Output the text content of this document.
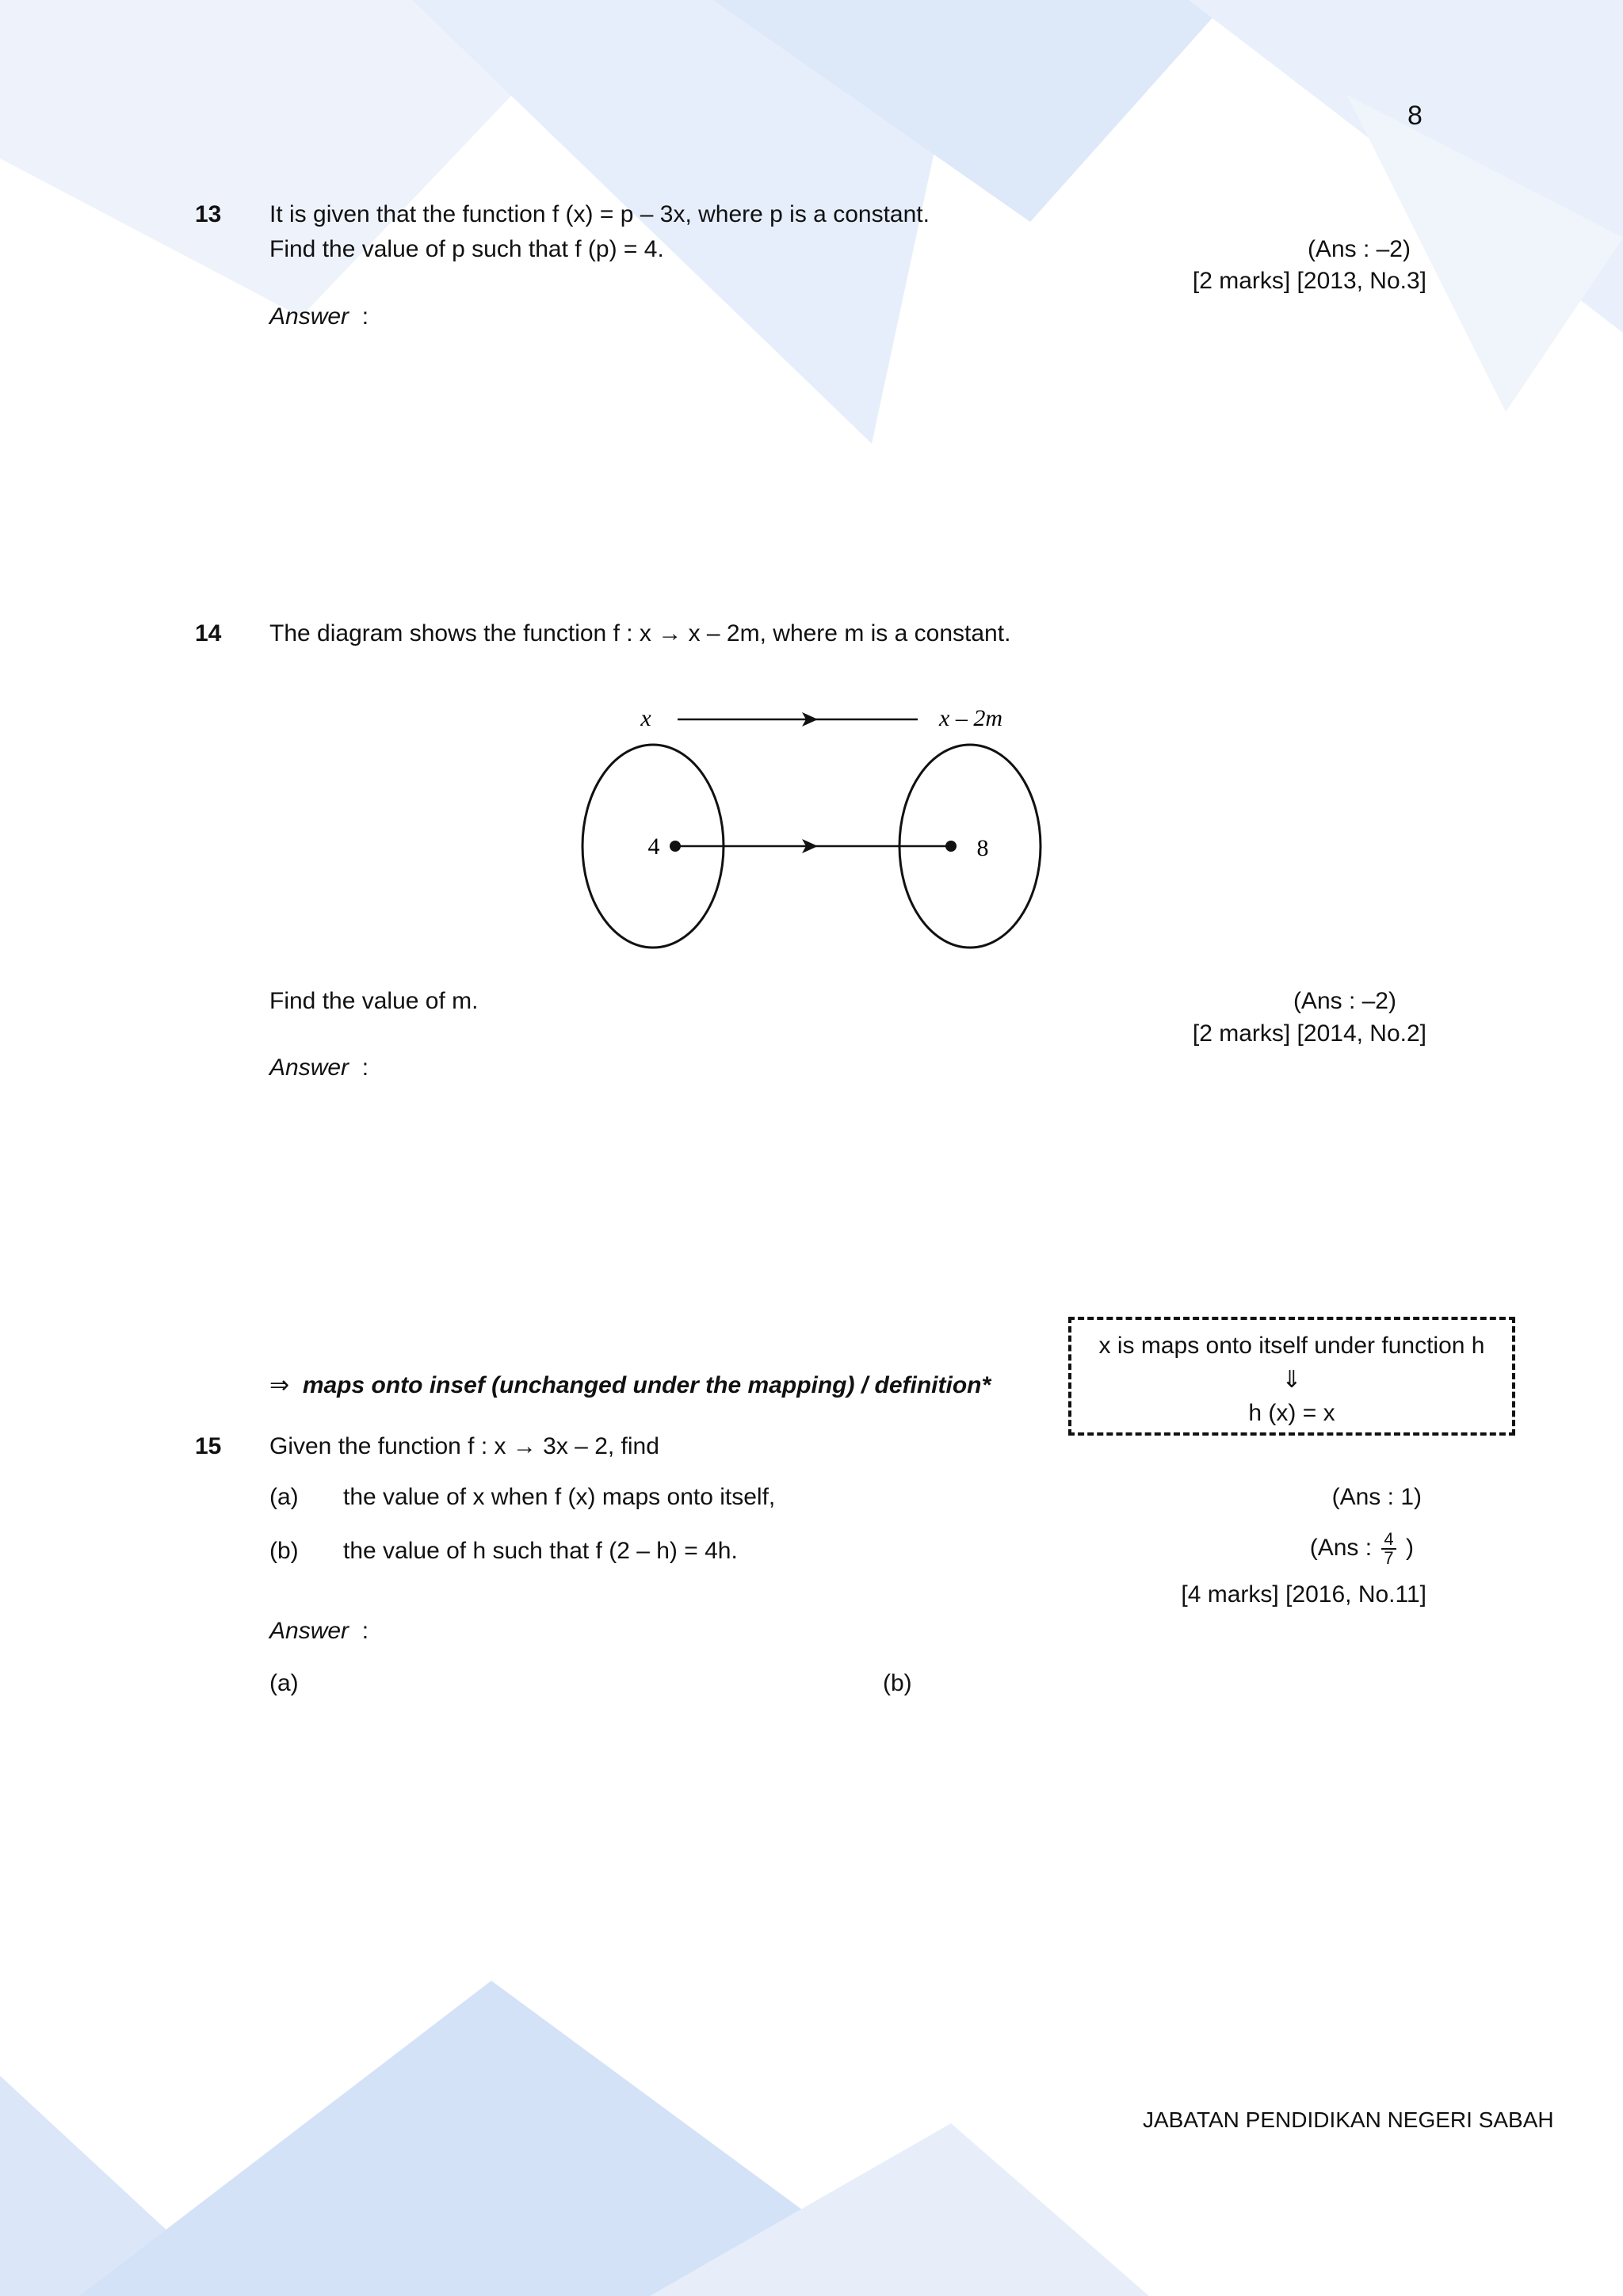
8
13 It is given that the function f (x) = p – 3x, where p is a constant.
Find the value of p such that f (p) = 4.	(Ans : –2)
[2 marks] [2013, No.3]
Answer :
14 The diagram shows the function f : x → x – 2m, where m is a constant.
x	x – 2m
4	8
Find the value of m.	(Ans : –2)
[2 marks] [2014, No.2]
Answer :
⇒ maps onto insef (unchanged under the mapping) / definition*
x is maps onto itself under function h
⇓
h (x) = x
15 Given the function f : x → 3x – 2, find
(a) the value of x when f (x) maps onto itself,	(Ans : 1)
(b) the value of h such that f (2 – h) = 4h.	(Ans : $\frac{4}{7}$ )
[4 marks] [2016, No.11]
Answer :
(a)	(b)
JABATAN PENDIDIKAN NEGERI SABAH
